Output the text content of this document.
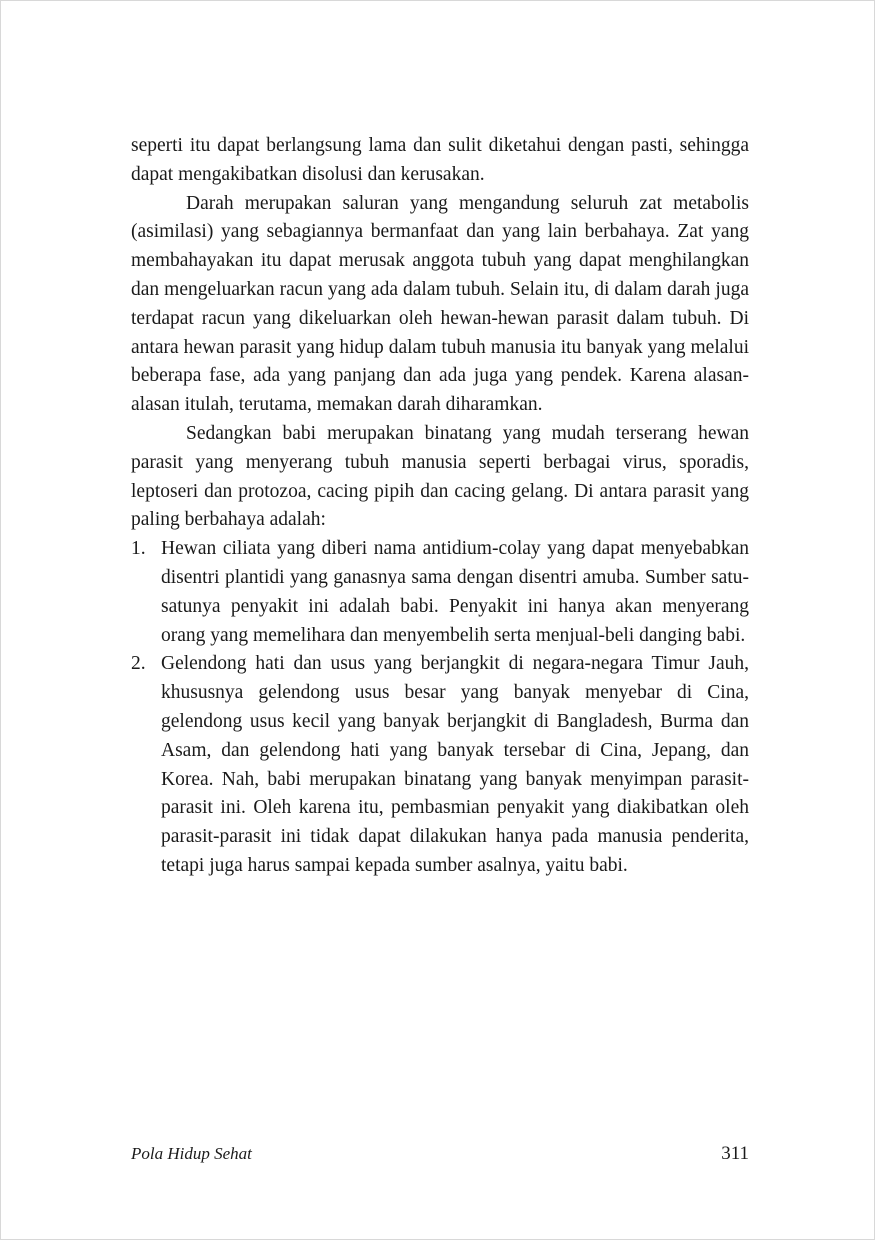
seperti itu dapat berlangsung lama dan sulit diketahui dengan pasti, sehingga dapat mengakibatkan disolusi dan kerusakan.

Darah merupakan saluran yang mengandung seluruh zat metabolis (asimilasi) yang sebagiannya bermanfaat dan yang lain berbahaya. Zat yang membahayakan itu dapat merusak anggota tubuh yang dapat menghilangkan dan mengeluarkan racun yang ada dalam tubuh. Selain itu, di dalam darah juga terdapat racun yang dikeluarkan oleh hewan-hewan parasit dalam tubuh. Di antara hewan parasit yang hidup dalam tubuh manusia itu banyak yang melalui beberapa fase, ada yang panjang dan ada juga yang pendek. Karena alasan-alasan itulah, terutama, memakan darah diharamkan.

Sedangkan babi merupakan binatang yang mudah terserang hewan parasit yang menyerang tubuh manusia seperti berbagai virus, sporadis, leptoseri dan protozoa, cacing pipih dan cacing gelang. Di antara parasit yang paling berbahaya adalah:

1. Hewan ciliata yang diberi nama antidium-colay yang dapat menyebabkan disentri plantidi yang ganasnya sama dengan disentri amuba. Sumber satu-satunya penyakit ini adalah babi. Penyakit ini hanya akan menyerang orang yang memelihara dan menyembelih serta menjual-beli danging babi.
2. Gelendong hati dan usus yang berjangkit di negara-negara Timur Jauh, khususnya gelendong usus besar yang banyak menyebar di Cina, gelendong usus kecil yang banyak berjangkit di Bangladesh, Burma dan Asam, dan gelendong hati yang banyak tersebar di Cina, Jepang, dan Korea. Nah, babi merupakan binatang yang banyak menyimpan parasit-parasit ini. Oleh karena itu, pembasmian penyakit yang diakibatkan oleh parasit-parasit ini tidak dapat dilakukan hanya pada manusia penderita, tetapi juga harus sampai kepada sumber asalnya, yaitu babi.
Pola Hidup Sehat	311
